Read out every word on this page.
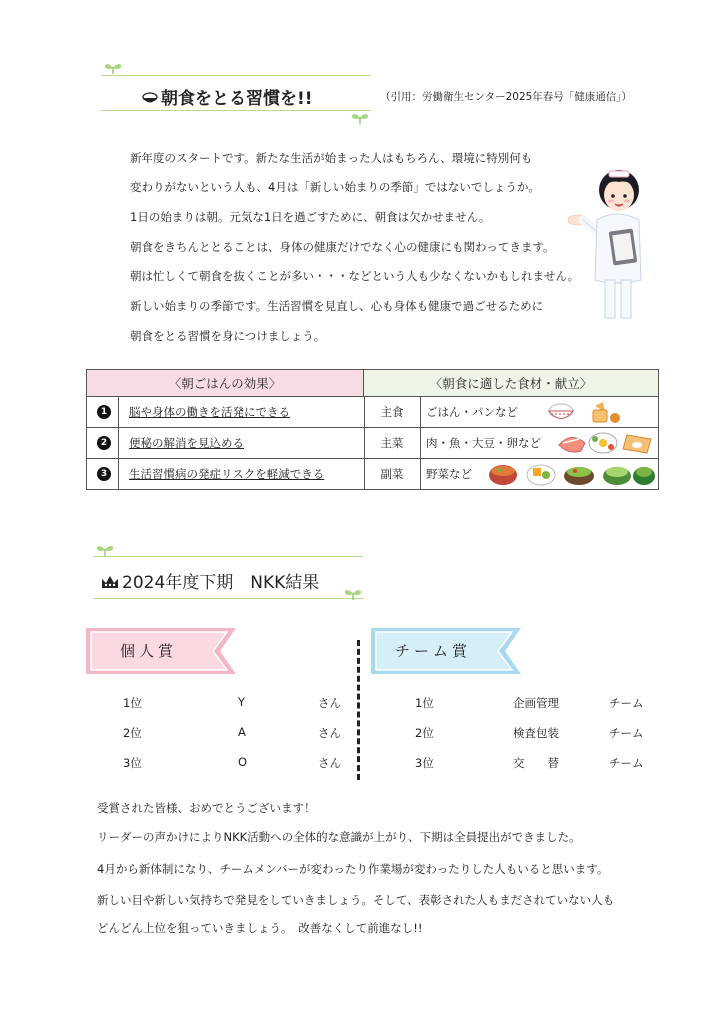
朝食をとる習慣を!!	（引用：労働衛生センター2025年春号「健康通信」）

新年度のスタートです。新たな生活が始まった人はもちろん、環境に特別何も

変わりがないという人も、4月は「新しい始まりの季節」ではないでしょうか。

1日の始まりは朝。元気な1日を過ごすために、朝食は欠かせません。

朝食をきちんととることは、身体の健康だけでなく心の健康にも関わってきます。

朝は忙しくて朝食を抜くことが多い・・・などという人も少なくないかもしれません。

新しい始まりの季節です。生活習慣を見直し、心も身体も健康で過ごせるために

朝食をとる習慣を身につけましょう。

〈朝ごはんの効果〉	〈朝食に適した食材・献立〉
1	脳や身体の働きを活発にできる	主食	ごはん・パンなど
2	便秘の解消を見込める	主菜	肉・魚・大豆・卵など
3	生活習慣病の発症リスクを軽減できる	副菜	野菜など
2024年度下期　NKK結果
個人賞	チーム賞
1位	Y	さん
2位	A	さん
3位	O	さん
1位	企画管理	チーム
2位	検査包装	チーム
3位	交　　替	チーム

受賞された皆様、おめでとうございます！

リーダーの声かけによりNKK活動への全体的な意識が上がり、下期は全員提出ができました。

4月から新体制になり、チームメンバーが変わったり作業場が変わったりした人もいると思います。

新しい目や新しい気持ちで発見をしていきましょう。そして、表彰された人もまだされていない人も

どんどん上位を狙っていきましょう。　改善なくして前進なし!!
